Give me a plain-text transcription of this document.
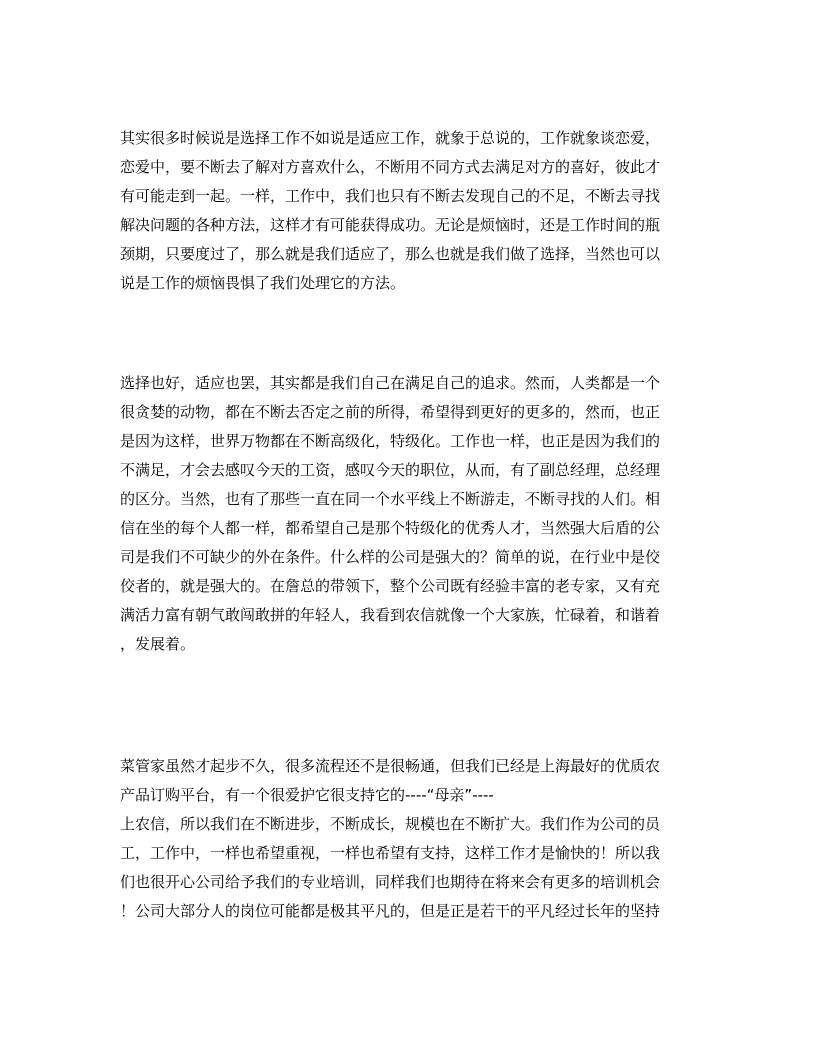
其实很多时候说是选择工作不如说是适应工作，就象于总说的，工作就象谈恋爱，
恋爱中，要不断去了解对方喜欢什么，不断用不同方式去满足对方的喜好，彼此才
有可能走到一起。一样，工作中，我们也只有不断去发现自己的不足，不断去寻找
解决问题的各种方法，这样才有可能获得成功。无论是烦恼时，还是工作时间的瓶
颈期，只要度过了，那么就是我们适应了，那么也就是我们做了选择，当然也可以
说是工作的烦恼畏惧了我们处理它的方法。
选择也好，适应也罢，其实都是我们自己在满足自己的追求。然而，人类都是一个
很贪婪的动物，都在不断去否定之前的所得，希望得到更好的更多的，然而，也正
是因为这样，世界万物都在不断高级化，特级化。工作也一样，也正是因为我们的
不满足，才会去感叹今天的工资，感叹今天的职位，从而，有了副总经理，总经理
的区分。当然，也有了那些一直在同一个水平线上不断游走，不断寻找的人们。相
信在坐的每个人都一样，都希望自己是那个特级化的优秀人才，当然强大后盾的公
司是我们不可缺少的外在条件。什么样的公司是强大的？简单的说，在行业中是佼
佼者的，就是强大的。在詹总的带领下，整个公司既有经验丰富的老专家，又有充
满活力富有朝气敢闯敢拼的年轻人，我看到农信就像一个大家族，忙碌着，和谐着
，发展着。
菜管家虽然才起步不久，很多流程还不是很畅通，但我们已经是上海最好的优质农
产品订购平台，有一个很爱护它很支持它的----“母亲”----
上农信，所以我们在不断进步，不断成长，规模也在不断扩大。我们作为公司的员
工，工作中，一样也希望重视，一样也希望有支持，这样工作才是愉快的！所以我
们也很开心公司给予我们的专业培训，同样我们也期待在将来会有更多的培训机会
！公司大部分人的岗位可能都是极其平凡的，但是正是若干的平凡经过长年的坚持
